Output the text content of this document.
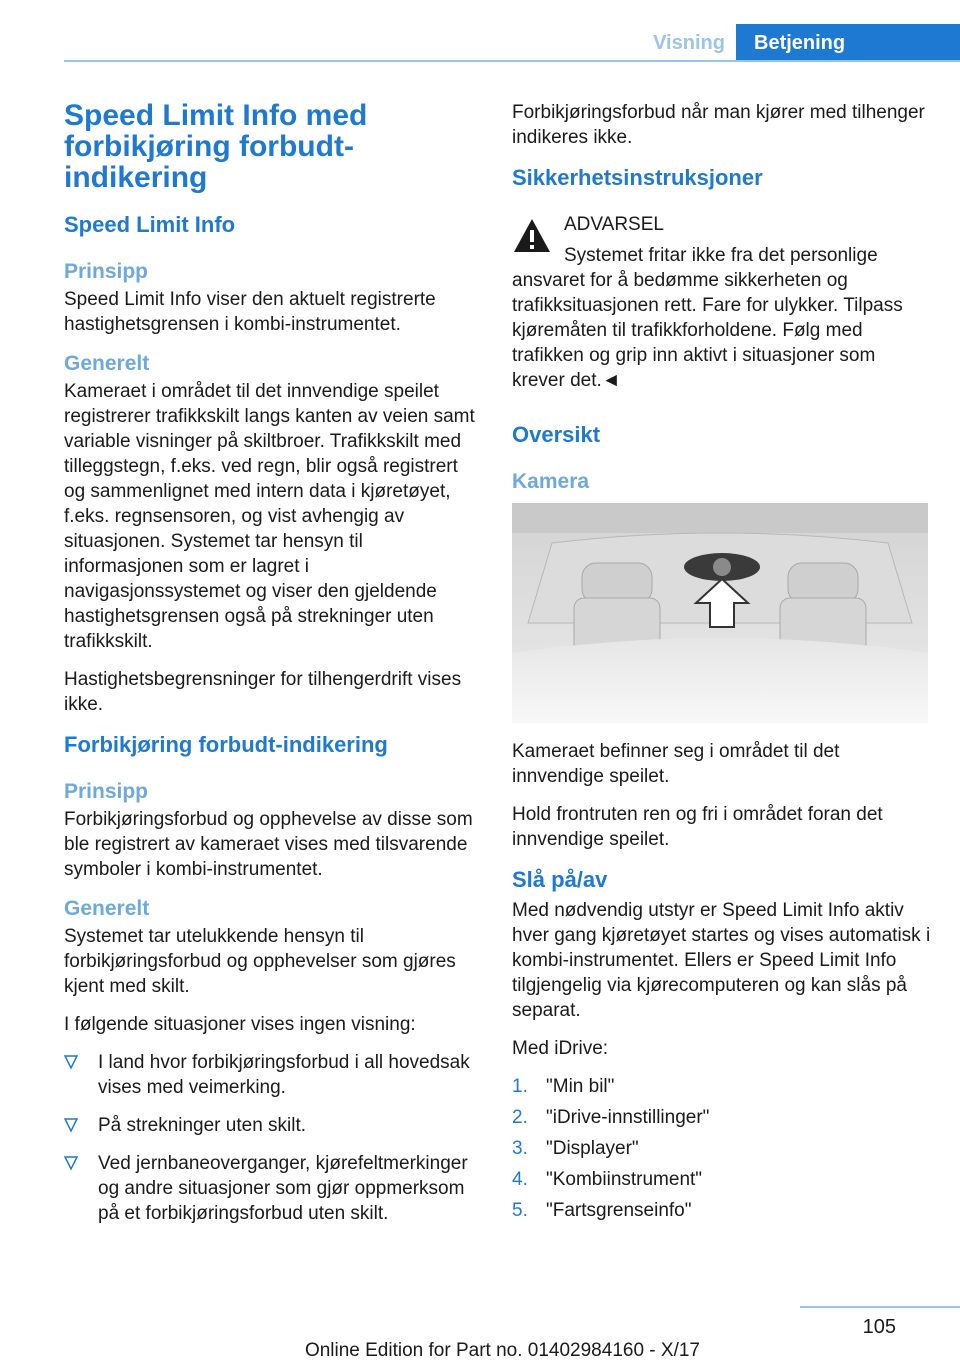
Visning	Betjening
Speed Limit Info med forbikjøring forbudt-indikering
Speed Limit Info
Prinsipp

Speed Limit Info viser den aktuelt registrerte hastighetsgrensen i kombi-instrumentet.

Generelt

Kameraet i området til det innvendige speilet registrerer trafikkskilt langs kanten av veien samt variable visninger på skiltbroer. Trafikkskilt med tilleggstegn, f.eks. ved regn, blir også registrert og sammenlignet med intern data i kjøretøyet, f.eks. regnsensoren, og vist avhengig av situasjonen. Systemet tar hensyn til informasjonen som er lagret i navigasjonssystemet og viser den gjeldende hastighetsgrensen også på strekninger uten trafikkskilt.

Hastighetsbegrensninger for tilhengerdrift vises ikke.

Forbikjøring forbudt-indikering
Prinsipp

Forbikjøringsforbud og opphevelse av disse som ble registrert av kameraet vises med tilsvarende symboler i kombi-instrumentet.

Generelt

Systemet tar utelukkende hensyn til forbikjøringsforbud og opphevelser som gjøres kjent med skilt.

I følgende situasjoner vises ingen visning:

I land hvor forbikjøringsforbud i all hovedsak vises med veimerking.
På strekninger uten skilt.
Ved jernbaneoverganger, kjørefeltmerkinger og andre situasjoner som gjør oppmerksom på et forbikjøringsforbud uten skilt.

Forbikjøringsforbud når man kjører med tilhenger indikeres ikke.

Sikkerhetsinstruksjoner
ADVARSEL

Systemet fritar ikke fra det personlige ansvaret for å bedømme sikkerheten og trafikksituasjonen rett. Fare for ulykker. Tilpass kjøremåten til trafikkforholdene. Følg med trafikken og grip inn aktivt i situasjoner som krever det.◄

Oversikt
Kamera

Kameraet befinner seg i området til det innvendige speilet.

Hold frontruten ren og fri i området foran det innvendige speilet.

Slå på/av

Med nødvendig utstyr er Speed Limit Info aktiv hver gang kjøretøyet startes og vises automatisk i kombi-instrumentet. Ellers er Speed Limit Info tilgjengelig via kjørecomputeren og kan slås på separat.

Med iDrive:

1. "Min bil"
2. "iDrive-innstillinger"
3. "Displayer"
4. "Kombiinstrument"
5. "Fartsgrenseinfo"
105
Online Edition for Part no. 01402984160 - X/17
